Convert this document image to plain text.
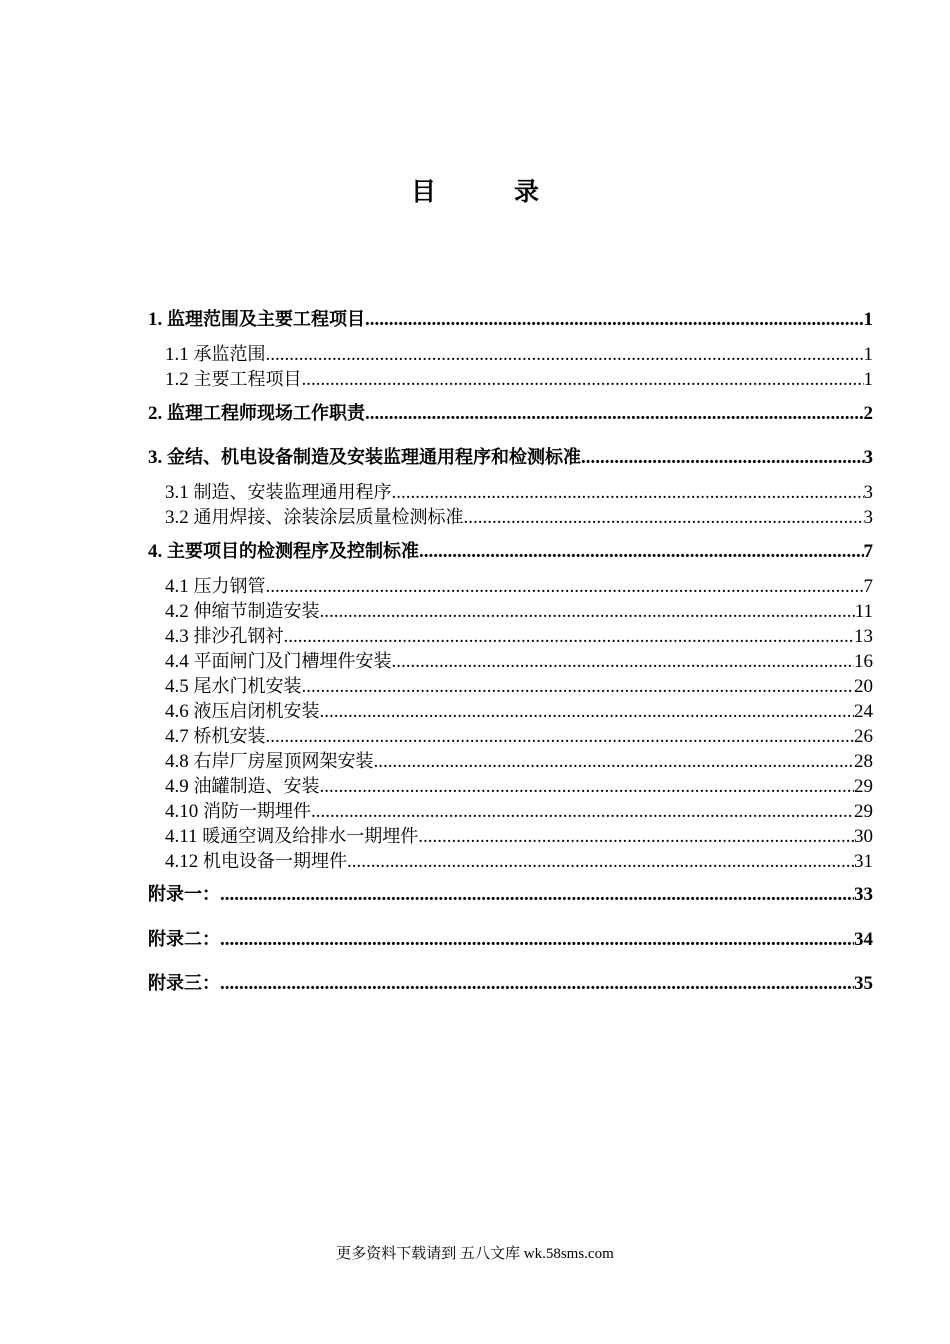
目	录
1. 监理范围及主要工程项目 .....	1
1.1 承监范围 .....	1
1.2 主要工程项目 .....	1
2. 监理工程师现场工作职责 .....	2
3. 金结、机电设备制造及安装监理通用程序和检测标准 .....	3
3.1 制造、安装监理通用程序 .....	3
3.2 通用焊接、涂装涂层质量检测标准 .....	3
4. 主要项目的检测程序及控制标准 .....	7
4.1 压力钢管 .....	7
4.2 伸缩节制造安装 .....	11
4.3 排沙孔钢衬 .....	13
4.4 平面闸门及门槽埋件安装 .....	16
4.5 尾水门机安装 .....	20
4.6 液压启闭机安装 .....	24
4.7 桥机安装 .....	26
4.8 右岸厂房屋顶网架安装 .....	28
4.9 油罐制造、安装 .....	29
4.10 消防一期埋件 .....	29
4.11 暖通空调及给排水一期埋件 .....	30
4.12 机电设备一期埋件 .....	31
附录一： .....	33
附录二： .....	34
附录三： .....	35
更多资料下载请到 五八文库 wk.58sms.com
